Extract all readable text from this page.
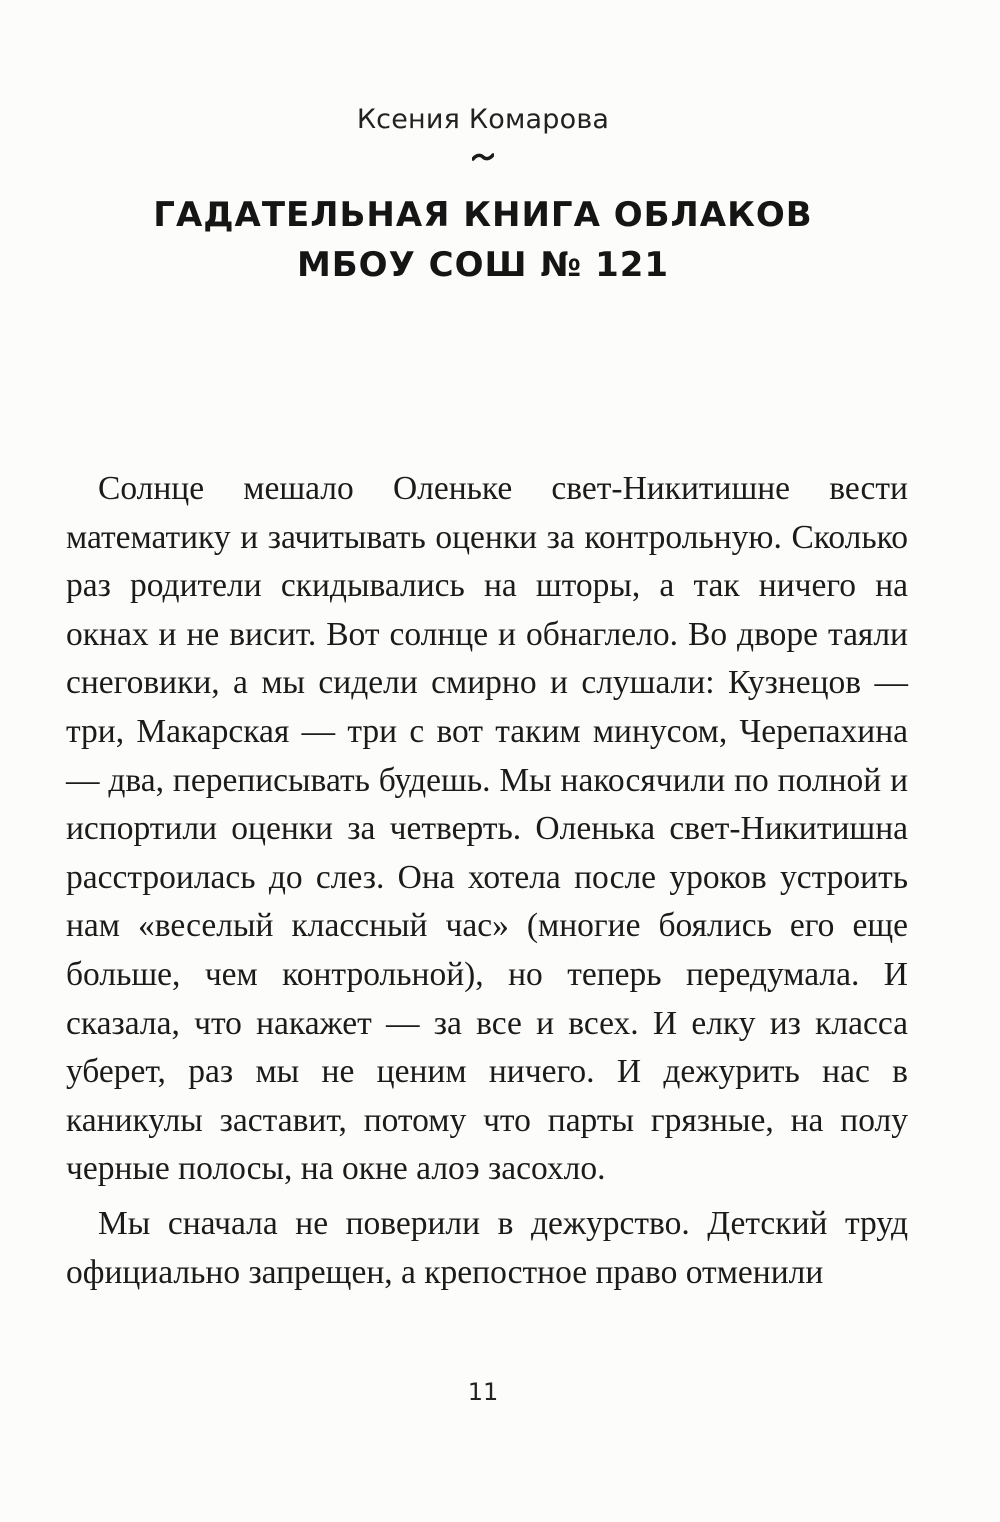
Ксения Комарова
ГАДАТЕЛЬНАЯ КНИГА ОБЛАКОВ
МБОУ СОШ № 121

Солнце мешало Оленьке свет-Никитишне вести математику и зачитывать оценки за контрольную. Сколько раз родители скидывались на шторы, а так ничего на окнах и не висит. Вот солнце и обнаглело. Во дворе таяли снеговики, а мы сидели смирно и слушали: Кузнецов — три, Макарская — три с вот таким минусом, Черепахина — два, переписывать будешь. Мы накосячили по полной и испортили оценки за четверть. Оленька свет-Никитишна расстроилась до слез. Она хотела после уроков устроить нам «веселый классный час» (многие боялись его еще больше, чем контрольной), но теперь передумала. И сказала, что накажет — за все и всех. И елку из класса уберет, раз мы не ценим ничего. И дежурить нас в каникулы заставит, потому что парты грязные, на полу черные полосы, на окне алоэ засохло.

Мы сначала не поверили в дежурство. Детский труд официально запрещен, а крепостное право отменили

11
